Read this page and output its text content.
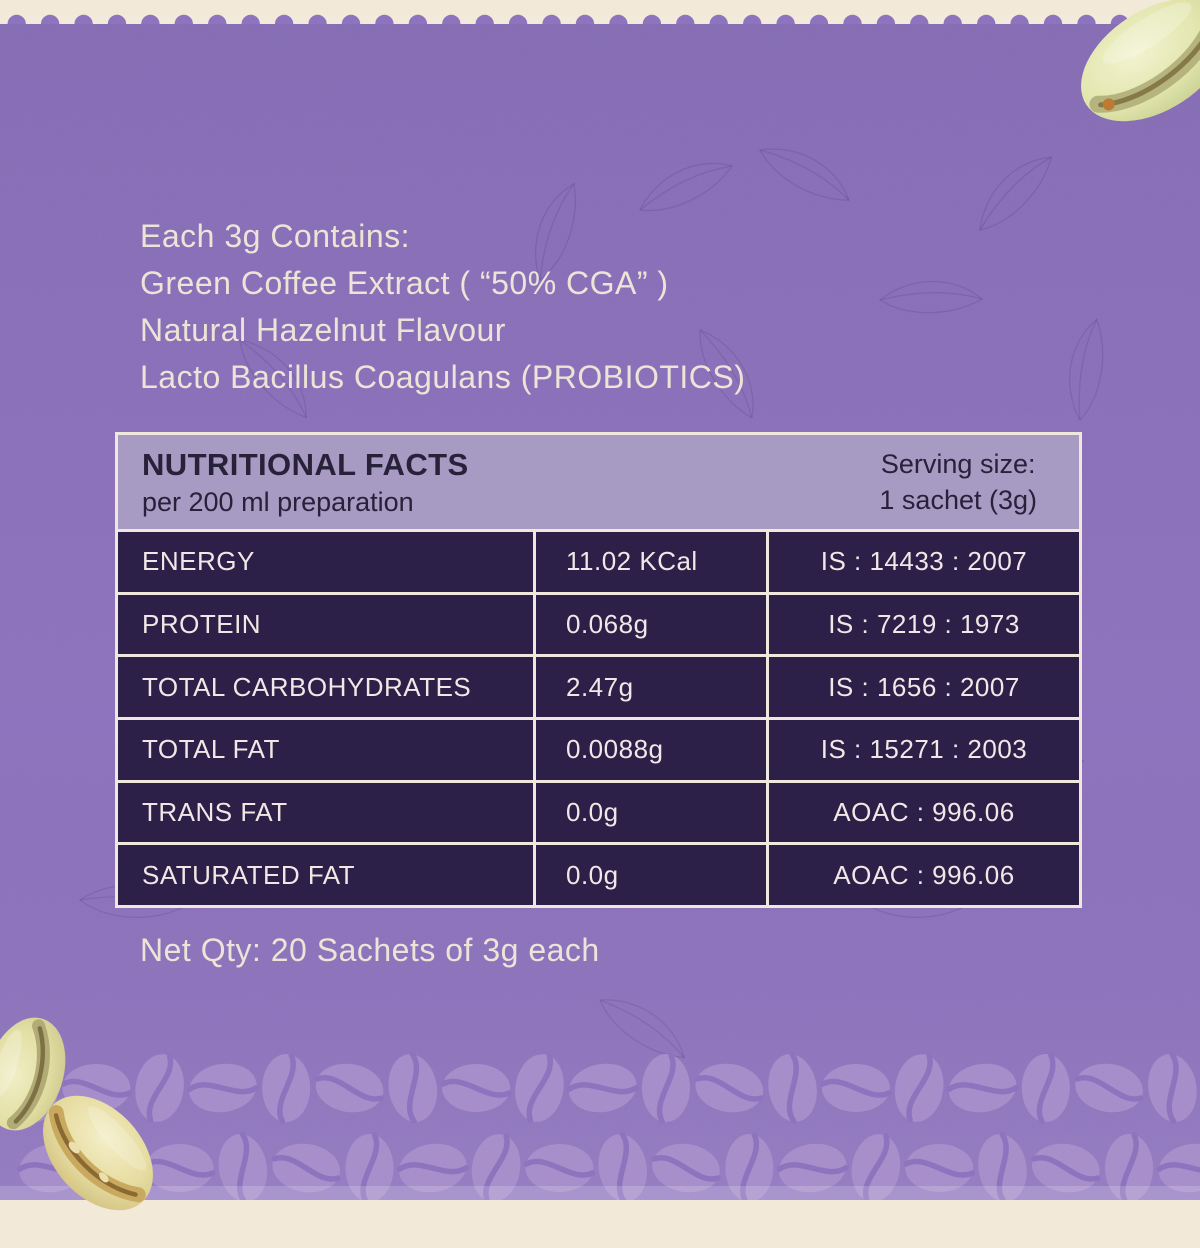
Each 3g Contains:
Green Coffee Extract ( “50% CGA” )
Natural Hazelnut Flavour
Lacto Bacillus Coagulans (PROBIOTICS)
NUTRITIONAL FACTS
per 200 ml preparation
Serving size:
1 sachet (3g)
ENERGY	11.02 KCal	IS : 14433 : 2007
PROTEIN	0.068g	IS : 7219 : 1973
TOTAL CARBOHYDRATES	2.47g	IS : 1656 : 2007
TOTAL FAT	0.0088g	IS : 15271 : 2003
TRANS FAT	0.0g	AOAC : 996.06
SATURATED FAT	0.0g	AOAC : 996.06
Net Qty: 20 Sachets of 3g each
